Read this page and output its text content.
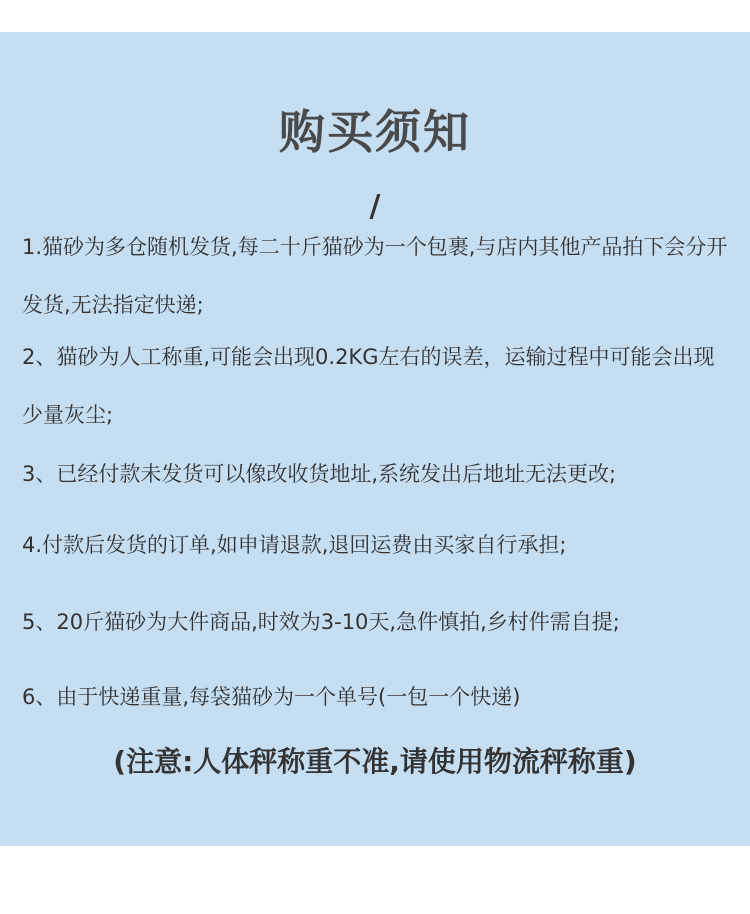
购买须知
/

1.猫砂为多仓随机发货,每二十斤猫砂为一个包裹,与店内其他产品拍下会分开发货,无法指定快递;

2、猫砂为人工称重,可能会出现0.2KG左右的误差，运输过程中可能会出现少量灰尘;

3、已经付款未发货可以像改收货地址,系统发出后地址无法更改;

4.付款后发货的订单,如申请退款,退回运费由买家自行承担;

5、20斤猫砂为大件商品,时效为3-10天,急件慎拍,乡村件需自提;

6、由于快递重量,每袋猫砂为一个单号(一包一个快递)

(注意:人体秤称重不准,请使用物流秤称重)
